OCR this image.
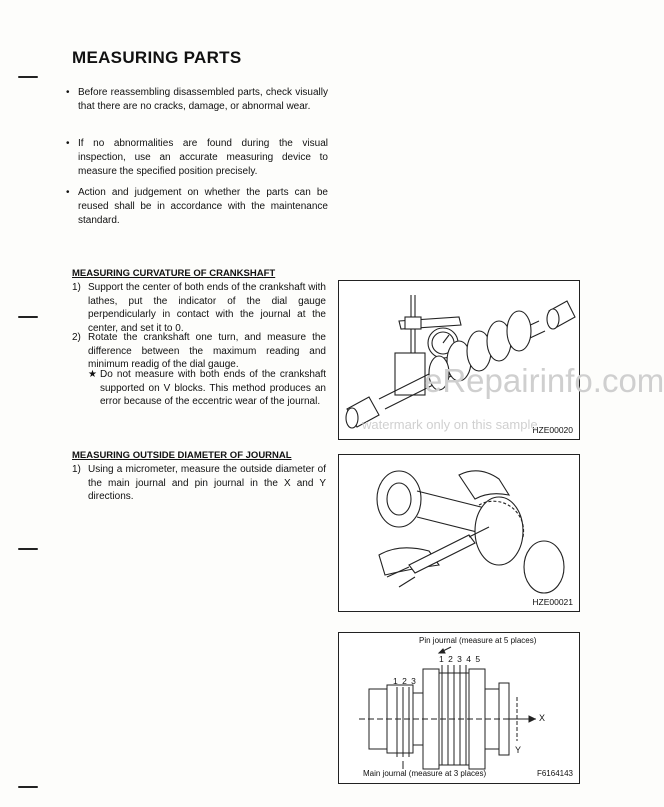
MEASURING PARTS
• Before reassembling disassembled parts, check visually that there are no cracks, damage, or abnormal wear.
• If no abnormalities are found during the visual inspection, use an accurate measuring device to measure the specified position precisely.
• Action and judgement on whether the parts can be reused shall be in accordance with the maintenance standard.
MEASURING CURVATURE OF CRANKSHAFT
1) Support the center of both ends of the crankshaft with lathes, put the indicator of the dial gauge perpendicularly in contact with the journal at the center, and set it to 0.
2) Rotate the crankshaft one turn, and measure the difference between the maximum reading and minimum readig of the dial gauge.
★ Do not measure with both ends of the crankshaft supported on V blocks. This method produces an error because of the eccentric wear of the journal.
MEASURING OUTSIDE DIAMETER OF JOURNAL
1) Using a micrometer, measure the outside diameter of the main journal and pin journal in the X and Y directions.
HZE00020
HZE00021
Pin journal (measure at 5 places)
1 2 3 4 5
1 2 3
X
Y
Main journal (measure at 3 places)	F6164143
eRepairinfo.com
watermark only on this sample
